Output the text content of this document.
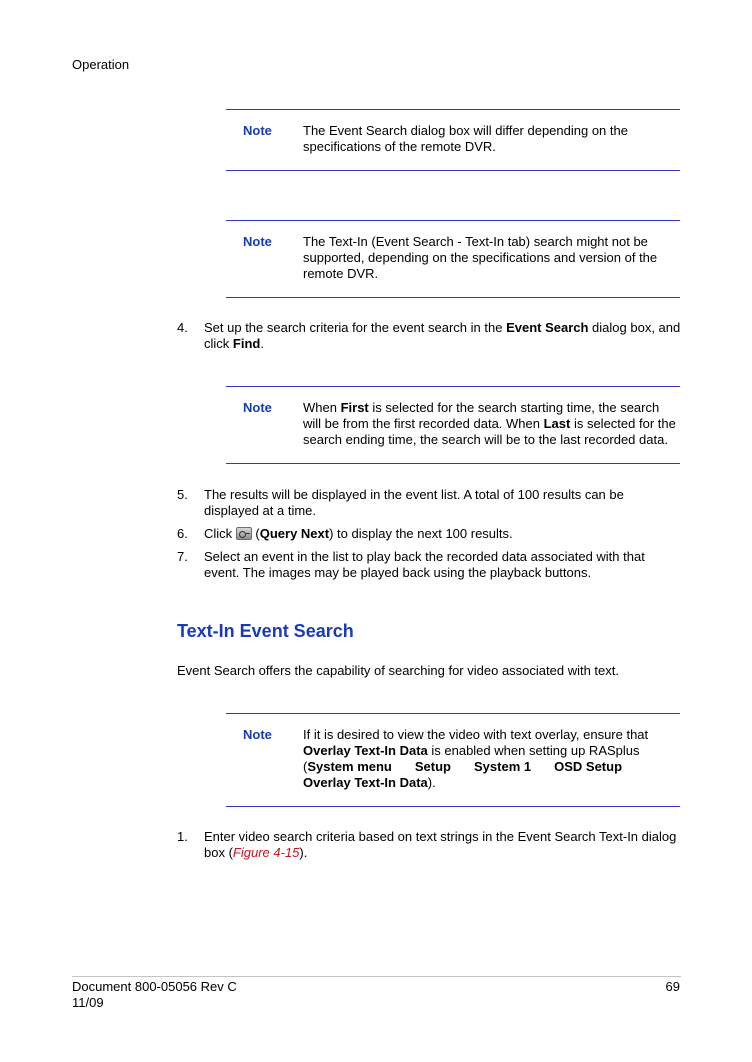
Operation
Note The Event Search dialog box will differ depending on the specifications of the remote DVR.
Note The Text-In (Event Search - Text-In tab) search might not be supported, depending on the specifications and version of the remote DVR.
4.	Set up the search criteria for the event search in the Event Search dialog box, and click Find.
Note When First is selected for the search starting time, the search will be from the first recorded data. When Last is selected for the search ending time, the search will be to the last recorded data.
5.	The results will be displayed in the event list. A total of 100 results can be displayed at a time.
6.	Click  (Query Next) to display the next 100 results.
7.	Select an event in the list to play back the recorded data associated with that event. The images may be played back using the playback buttons.
Text-In Event Search
Event Search offers the capability of searching for video associated with text.
Note If it is desired to view the video with text overlay, ensure that Overlay Text-In Data is enabled when setting up RASplus (System menu Setup System 1 OSD Setup
Overlay Text-In Data).
1.	Enter video search criteria based on text strings in the Event Search Text-In dialog box (Figure 4-15).
Document 800-05056 Rev C
11/09
69
